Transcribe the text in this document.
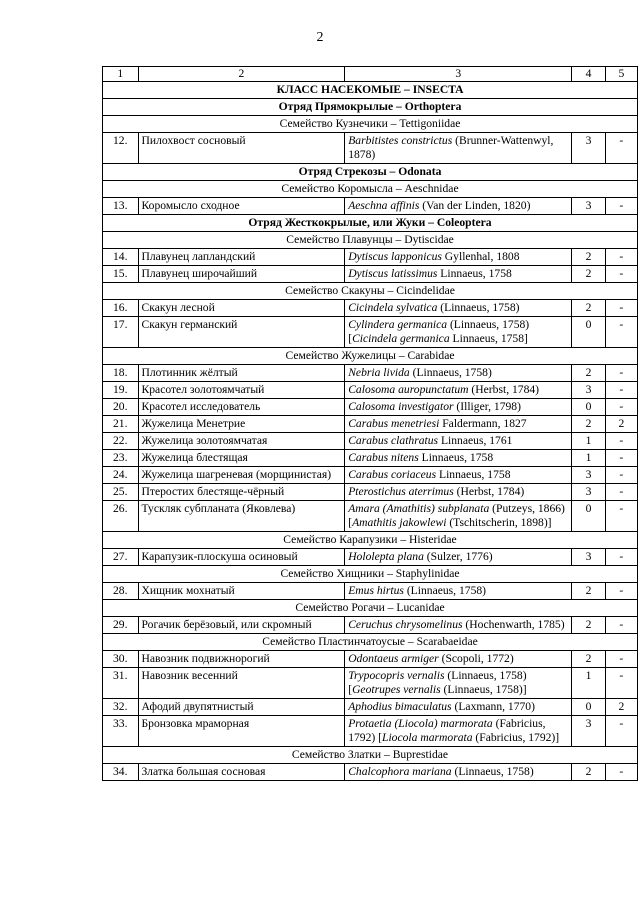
2
1	2	3	4	5
КЛАСС НАСЕКОМЫЕ – INSECTA				
Отряд Прямокрылые – Orthoptera				
Семейство Кузнечики – Tettigoniidae				
12.	Пилохвост сосновый	Barbitistes constrictus (Brunner-Wattenwyl, 1878)	3	-
Отряд Стрекозы – Odonata				
Семейство Коромысла – Aeschnidae				
13.	Коромысло сходное	Aeschna affinis (Van der Linden, 1820)	3	-
Отряд Жесткокрылые, или Жуки – Coleoptera				
Семейство Плавунцы – Dytiscidae				
14.	Плавунец лапландский	Dytiscus lapponicus Gyllenhal, 1808	2	-
15.	Плавунец широчайший	Dytiscus latissimus Linnaeus, 1758	2	-
Семейство Скакуны – Cicindelidae				
16.	Скакун лесной	Cicindela sylvatica (Linnaeus, 1758)	2	-
17.	Скакун германский	Cylindera germanica (Linnaeus, 1758) [Cicindela germanica Linnaeus, 1758]	0	-
Семейство Жужелицы – Carabidae				
18.	Плотинник жёлтый	Nebria livida (Linnaeus, 1758)	2	-
19.	Красотел золотоямчатый	Calosoma auropunctatum (Herbst, 1784)	3	-
20.	Красотел исследователь	Calosoma investigator (Illiger, 1798)	0	-
21.	Жужелица Менетрие	Carabus menetriesi Faldermann, 1827	2	2
22.	Жужелица золотоямчатая	Carabus clathratus Linnaeus, 1761	1	-
23.	Жужелица блестящая	Carabus nitens Linnaeus, 1758	1	-
24.	Жужелица шагреневая (морщинистая)	Carabus coriaceus Linnaeus, 1758	3	-
25.	Птеростих блестяще-чёрный	Pterostichus aterrimus (Herbst, 1784)	3	-
26.	Тускляк субпланата (Яковлева)	Amara (Amathitis) subplanata (Putzeys, 1866) [Amathitis jakowlewi (Tschitscherin, 1898)]	0	-
Семейство Карапузики – Histeridae				
27.	Карапузик-плоскуша осиновый	Hololepta plana (Sulzer, 1776)	3	-
Семейство Хищники – Staphylinidae				
28.	Хищник мохнатый	Emus hirtus (Linnaeus, 1758)	2	-
Семейство Рогачи – Lucanidae				
29.	Рогачик берёзовый, или скромный	Ceruchus chrysomelinus (Hochenwarth, 1785)	2	-
Семейство Пластинчатоусые – Scarabaeidae				
30.	Навозник подвижнорогий	Odontaeus armiger (Scopoli, 1772)	2	-
31.	Навозник весенний	Trypocopris vernalis (Linnaeus, 1758) [Geotrupes vernalis (Linnaeus, 1758)]	1	-
32.	Афодий двупятнистый	Aphodius bimaculatus (Laxmann, 1770)	0	2
33.	Бронзовка мраморная	Protaetia (Liocola) marmorata (Fabricius, 1792) [Liocola marmorata (Fabricius, 1792)]	3	-
Семейство Златки – Buprestidae				
34.	Златка большая сосновая	Chalcophora mariana (Linnaeus, 1758)	2	-
